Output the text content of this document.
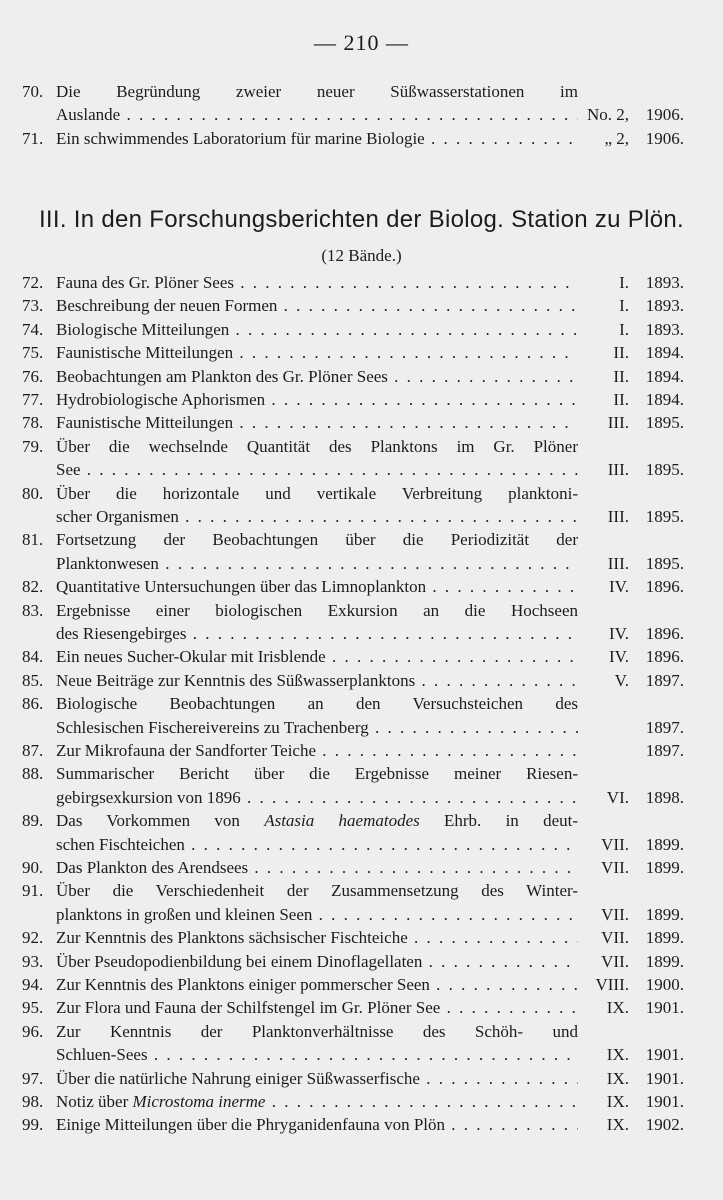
— 210 —
III. In den Forschungsberichten der Biolog. Station zu Plön.
(12 Bände.)
70. Die Begründung zweier neuer Süßwasserstationen im
Auslande . . .	No. 2, 1906.
71. Ein schwimmendes Laboratorium für marine Biologie . . .	„ 2, 1906.
72. Fauna des Gr. Plöner Sees . . .	I. 1893.
73. Beschreibung der neuen Formen . . .	I. 1893.
74. Biologische Mitteilungen . . .	I. 1893.
75. Faunistische Mitteilungen . . .	II. 1894.
76. Beobachtungen am Plankton des Gr. Plöner Sees . . .	II. 1894.
77. Hydrobiologische Aphorismen . . .	II. 1894.
78. Faunistische Mitteilungen . . .	III. 1895.
79. Über die wechselnde Quantität des Planktons im Gr. Plöner
See . . .	III. 1895.
80. Über die horizontale und vertikale Verbreitung planktoni-
scher Organismen . . .	III. 1895.
81. Fortsetzung der Beobachtungen über die Periodizität der
Planktonwesen . . .	III. 1895.
82. Quantitative Untersuchungen über das Limnoplankton . . .	IV. 1896.
83. Ergebnisse einer biologischen Exkursion an die Hochseen
des Riesengebirges . . .	IV. 1896.
84. Ein neues Sucher-Okular mit Irisblende . . .	IV. 1896.
85. Neue Beiträge zur Kenntnis des Süßwasserplanktons . . .	V. 1897.
86. Biologische Beobachtungen an den Versuchsteichen des
Schlesischen Fischereivereins zu Trachenberg . . .	1897.
87. Zur Mikrofauna der Sandforter Teiche . . .	1897.
88. Summarischer Bericht über die Ergebnisse meiner Riesen-
gebirgsexkursion von 1896 . . .	VI. 1898.
89. Das Vorkommen von Astasia haematodes Ehrb. in deut-
schen Fischteichen . . .	VII. 1899.
90. Das Plankton des Arendsees . . .	VII. 1899.
91. Über die Verschiedenheit der Zusammensetzung des Winter-
planktons in großen und kleinen Seen . . .	VII. 1899.
92. Zur Kenntnis des Planktons sächsischer Fischteiche . . .	VII. 1899.
93. Über Pseudopodienbildung bei einem Dinoflagellaten . . .	VII. 1899.
94. Zur Kenntnis des Planktons einiger pommerscher Seen . . .	VIII. 1900.
95. Zur Flora und Fauna der Schilfstengel im Gr. Plöner See . . .	IX. 1901.
96. Zur Kenntnis der Planktonverhältnisse des Schöh- und
Schluen-Sees . . .	IX. 1901.
97. Über die natürliche Nahrung einiger Süßwasserfische . . .	IX. 1901.
98. Notiz über Microstoma inerme . . .	IX. 1901.
99. Einige Mitteilungen über die Phryganidenfauna von Plön . . .	IX. 1902.
